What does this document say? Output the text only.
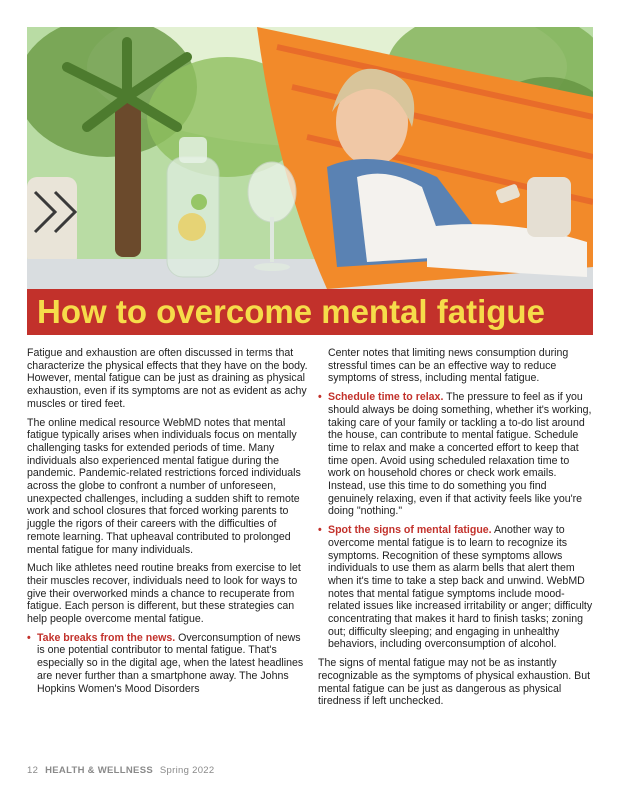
How to overcome mental fatigue

Fatigue and exhaustion are often discussed in terms that characterize the physical effects that they have on the body. However, mental fatigue can be just as draining as physical exhaustion, even if its symptoms are not as evident as achy muscles or tired feet.

The online medical resource WebMD notes that mental fatigue typically arises when individuals focus on mentally challenging tasks for extended periods of time. Many individuals also experienced mental fatigue during the pandemic. Pandemic-related restrictions forced individuals across the globe to confront a number of unforeseen, unexpected challenges, including a sudden shift to remote work and school closures that forced working parents to juggle the rigors of their careers with the difficulties of remote learning. That upheaval contributed to prolonged mental fatigue for many individuals.

Much like athletes need routine breaks from exercise to let their muscles recover, individuals need to look for ways to give their overworked minds a chance to recuperate from fatigue. Each person is different, but these strategies can help people overcome mental fatigue.

• Take breaks from the news. Overconsumption of news is one potential contributor to mental fatigue. That's especially so in the digital age, when the latest headlines are never further than a smartphone away. The Johns Hopkins Women's Mood Disorders
Center notes that limiting news consumption during stressful times can be an effective way to reduce symptoms of stress, including mental fatigue.
• Schedule time to relax. The pressure to feel as if you should always be doing something, whether it's working, taking care of your family or tackling a to-do list around the house, can contribute to mental fatigue. Schedule time to relax and make a concerted effort to keep that time open. Avoid using scheduled relaxation time to work on household chores or check work emails. Instead, use this time to do something you find genuinely relaxing, even if that activity feels like you're doing "nothing."
• Spot the signs of mental fatigue. Another way to overcome mental fatigue is to learn to recognize its symptoms. Recognition of these symptoms allows individuals to use them as alarm bells that alert them when it's time to take a step back and unwind. WebMD notes that mental fatigue symptoms include mood-related issues like increased irritability or anger; difficulty concentrating that makes it hard to finish tasks; zoning out; difficulty sleeping; and engaging in unhealthy behaviors, including overconsumption of alcohol.

The signs of mental fatigue may not be as instantly recognizable as the symptoms of physical exhaustion. But mental fatigue can be just as dangerous as physical tiredness if left unchecked.

12 HEALTH & WELLNESS Spring 2022
